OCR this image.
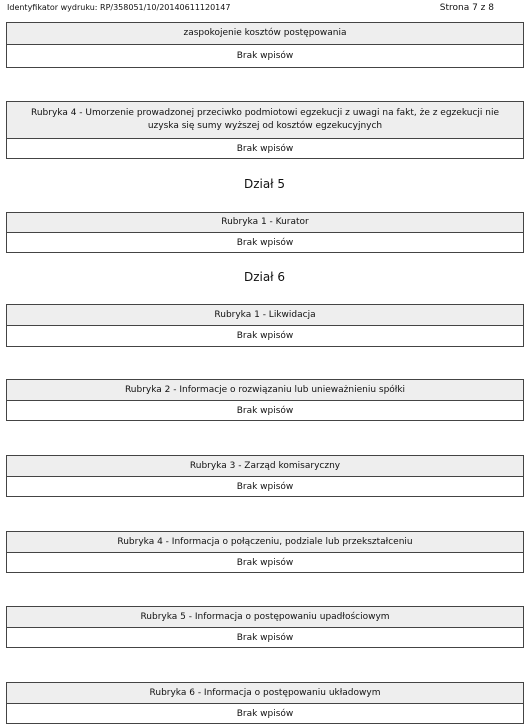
Identyfikator wydruku: RP/358051/10/20140611120147	Strona 7 z 8
zaspokojenie kosztów postępowania
Brak wpisów
Rubryka 4 - Umorzenie prowadzonej przeciwko podmiotowi egzekucji z uwagi na fakt, że z egzekucji nie uzyska się sumy wyższej od kosztów egzekucyjnych
Brak wpisów
Dział 5
Rubryka 1 - Kurator
Brak wpisów
Dział 6
Rubryka 1 - Likwidacja
Brak wpisów
Rubryka 2 - Informacje o rozwiązaniu lub unieważnieniu spółki
Brak wpisów
Rubryka 3 - Zarząd komisaryczny
Brak wpisów
Rubryka 4 - Informacja o połączeniu, podziale lub przekształceniu
Brak wpisów
Rubryka 5 - Informacja o postępowaniu upadłościowym
Brak wpisów
Rubryka 6 - Informacja o postępowaniu układowym
Brak wpisów
